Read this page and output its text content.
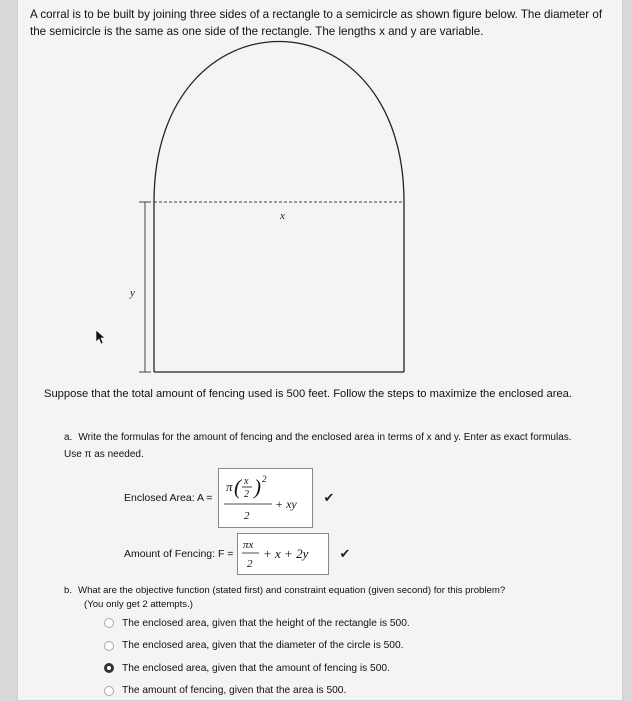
A corral is to be built by joining three sides of a rectangle to a semicircle as shown figure below. The diameter of the semicircle is the same as one side of the rectangle. The lengths x and y are variable.

x
y

Suppose that the total amount of fencing used is 500 feet. Follow the steps to maximize the enclosed area.

a. Write the formulas for the amount of fencing and the enclosed area in terms of x and y. Enter as exact formulas. Use π as needed.

Enclosed Area: A =
π ( x
2 ) 2
2
+ xy ✔
Amount of Fencing: F =
πx
2
+ x + 2y ✔
b. What are the objective function (stated first) and constraint equation (given second) for this problem?
(You only get 2 attempts.)
The enclosed area, given that the height of the rectangle is 500.
The enclosed area, given that the diameter of the circle is 500.
The enclosed area, given that the amount of fencing is 500.
The amount of fencing, given that the area is 500.
